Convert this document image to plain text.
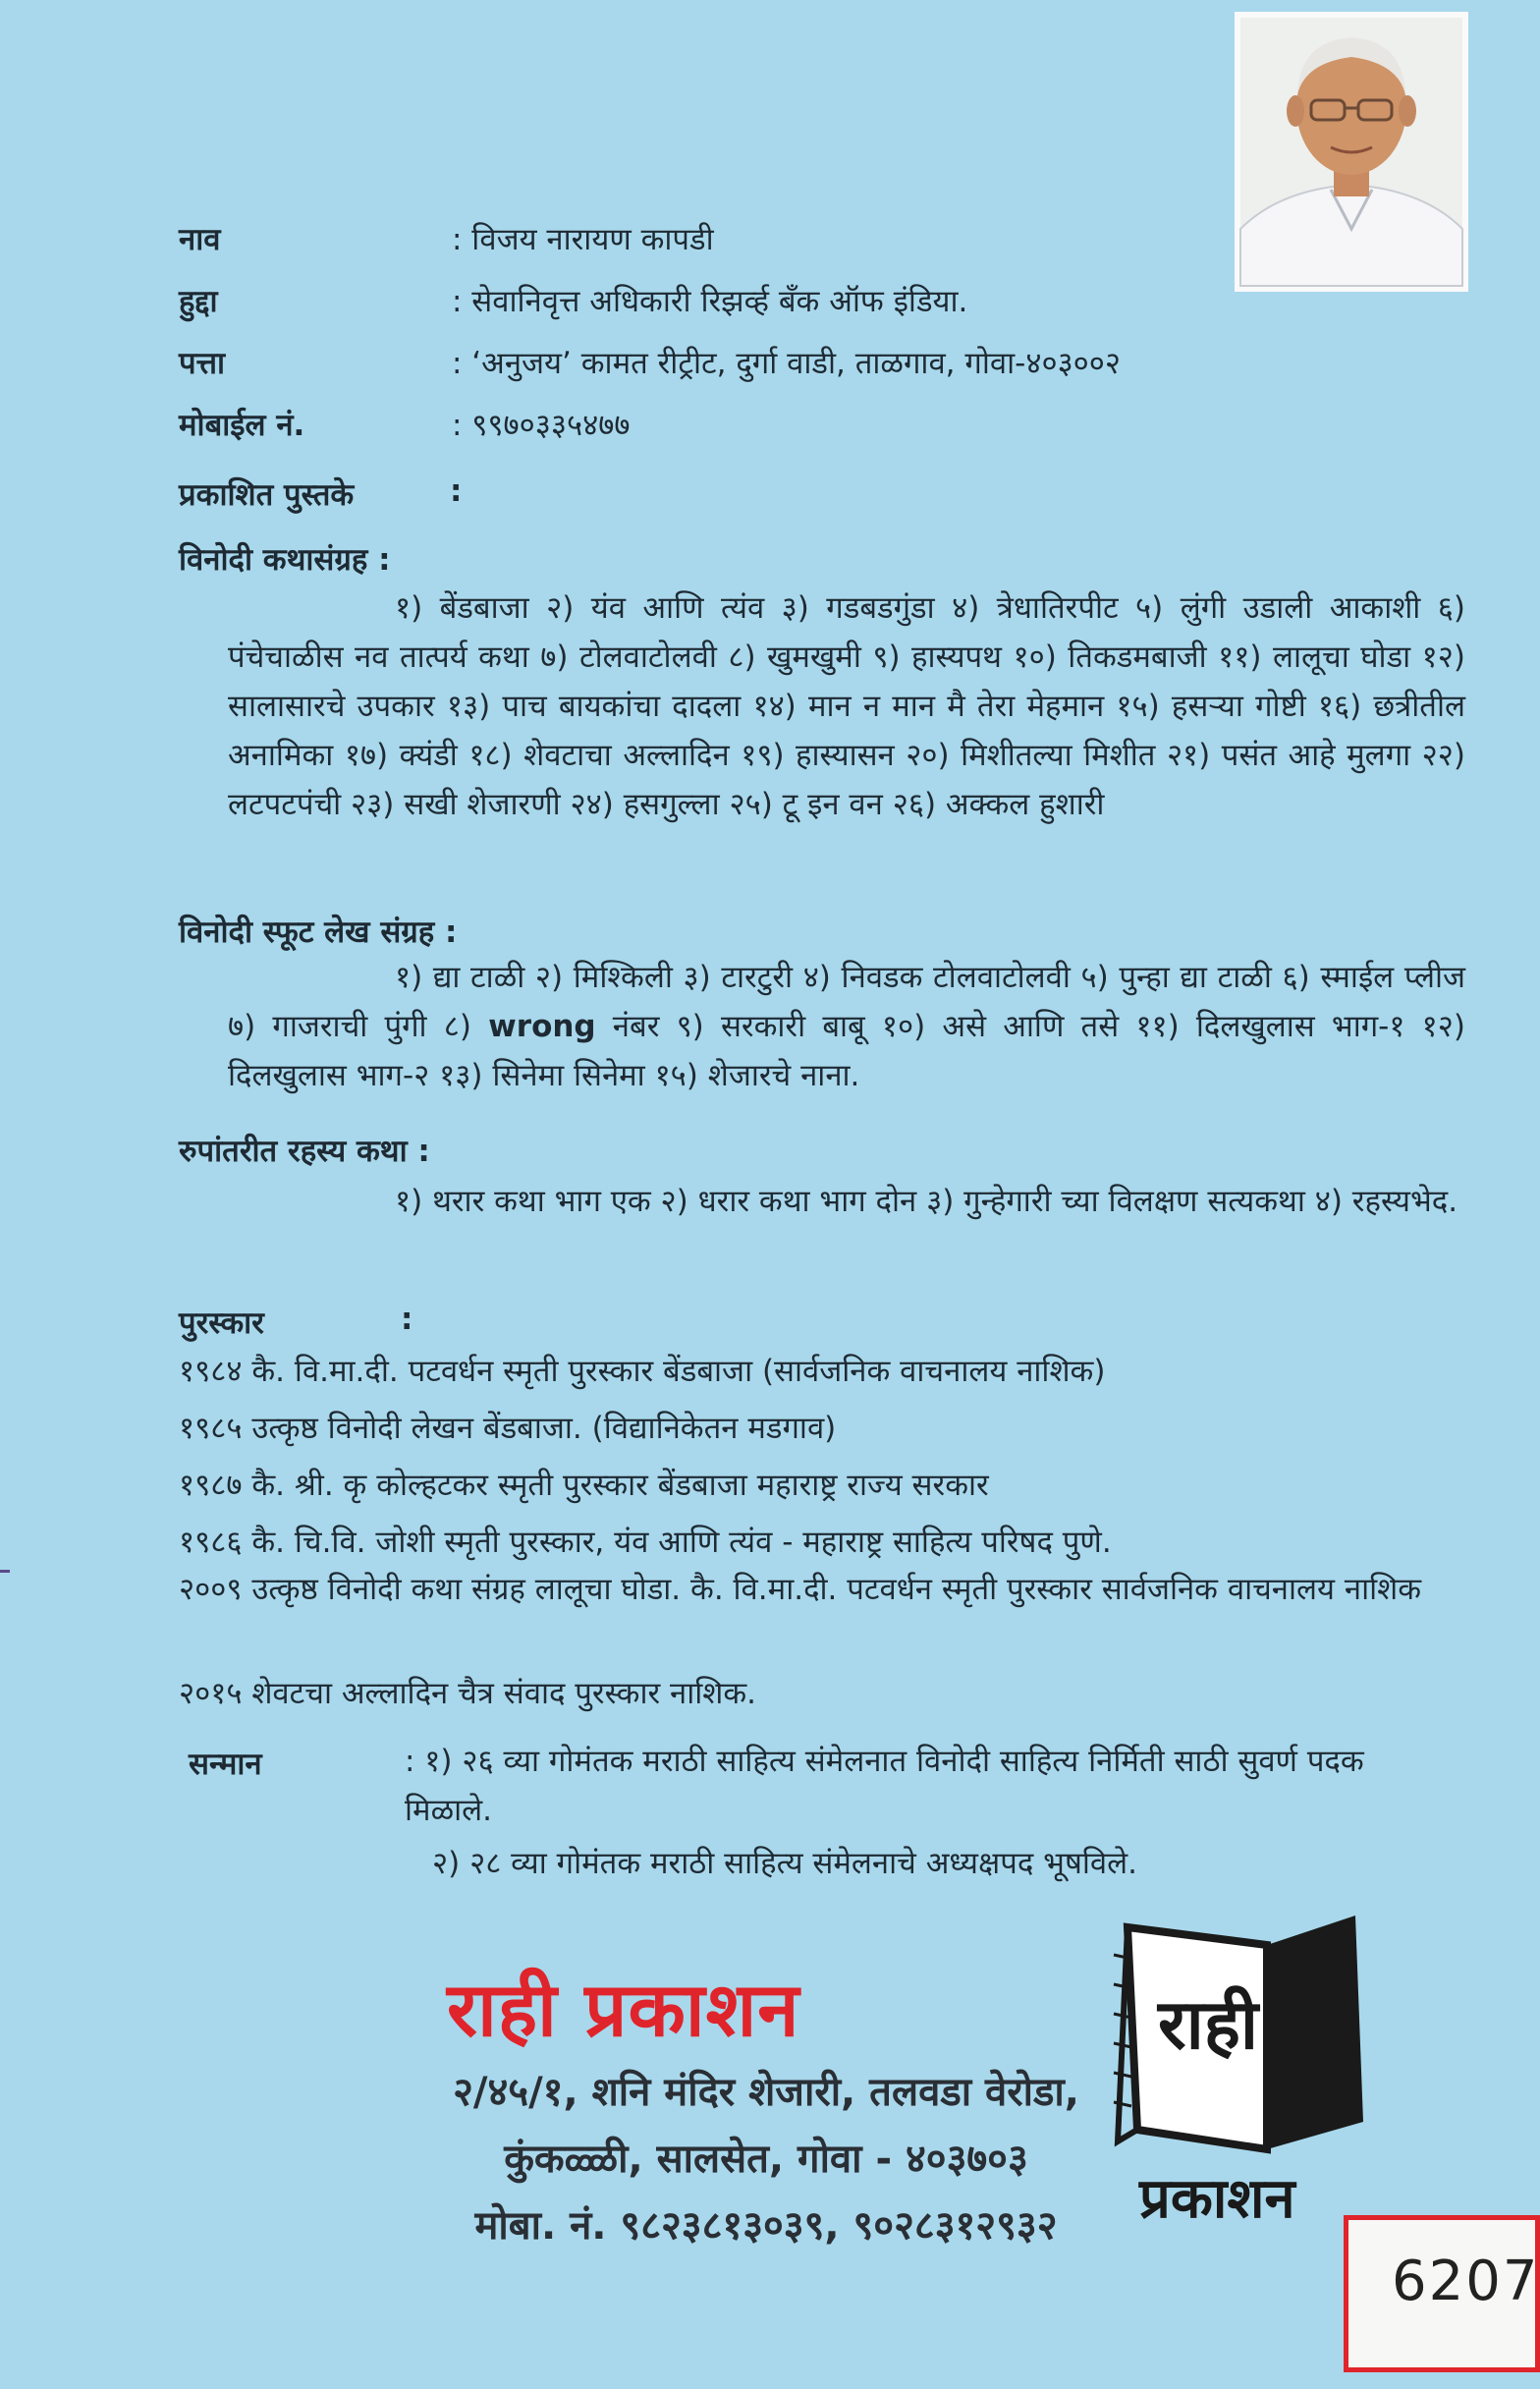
नाव	: विजय नारायण कापडी
हुद्दा	: सेवानिवृत्त अधिकारी रिझर्व्ह बँक ऑफ इंडिया.
पत्ता	: ‘अनुजय’ कामत रीट्रीट, दुर्गा वाडी, ताळगाव, गोवा-४०३००२
मोबाईल नं.	: ९९७०३३५४७७
प्रकाशित पुस्तके	:
विनोदी कथासंग्रह :
१) बेंडबाजा २) यंव आणि त्यंव ३) गडबडगुंडा ४) त्रेधातिरपीट ५) लुंगी उडाली आकाशी ६) पंचेचाळीस नव तात्पर्य कथा ७) टोलवाटोलवी ८) खुमखुमी ९) हास्यपथ १०) तिकडमबाजी ११) लालूचा घोडा १२) सालासारचे उपकार १३) पाच बायकांचा दादला १४) मान न मान मै तेरा मेहमान १५) हसऱ्या गोष्टी १६) छत्रीतील अनामिका १७) क्यंडी १८) शेवटाचा अल्लादिन १९) हास्यासन २०) मिशीतल्या मिशीत २१) पसंत आहे मुलगा २२) लटपटपंची २३) सखी शेजारणी २४) हसगुल्ला २५) टू इन वन २६) अक्कल हुशारी
विनोदी स्फूट लेख संग्रह :
१) द्या टाळी २) मिश्किली ३) टारटुरी ४) निवडक टोलवाटोलवी ५) पुन्हा द्या टाळी ६) स्माईल प्लीज ७) गाजराची पुंगी ८) wrong नंबर ९) सरकारी बाबू १०) असे आणि तसे ११) दिलखुलास भाग-१ १२) दिलखुलास भाग-२ १३) सिनेमा सिनेमा १५) शेजारचे नाना.
रुपांतरीत रहस्य कथा :
१) थरार कथा भाग एक २) धरार कथा भाग दोन ३) गुन्हेगारी च्या विलक्षण सत्यकथा ४) रहस्यभेद.
पुरस्कार	:
१९८४ कै. वि.मा.दी. पटवर्धन स्मृती पुरस्कार बेंडबाजा (सार्वजनिक वाचनालय नाशिक)
१९८५ उत्कृष्ठ विनोदी लेखन बेंडबाजा. (विद्यानिकेतन मडगाव)
१९८७ कै. श्री. कृ कोल्हटकर स्मृती पुरस्कार बेंडबाजा महाराष्ट्र राज्य सरकार
१९८६ कै. चि.वि. जोशी स्मृती पुरस्कार, यंव आणि त्यंव - महाराष्ट्र साहित्य परिषद पुणे.
२००९ उत्कृष्ठ विनोदी कथा संग्रह लालूचा घोडा. कै. वि.मा.दी. पटवर्धन स्मृती पुरस्कार सार्वजनिक वाचनालय नाशिक
२०१५ शेवटचा अल्लादिन चैत्र संवाद पुरस्कार नाशिक.
सन्मान	: १) २६ व्या गोमंतक मराठी साहित्य संमेलनात विनोदी साहित्य निर्मिती साठी सुवर्ण पदक मिळाले.
२) २८ व्या गोमंतक मराठी साहित्य संमेलनाचे अध्यक्षपद भूषविले.
राही प्रकाशन
२/४५/१, शनि मंदिर शेजारी, तलवडा वेरोडा,
कुंकळ्ळी, सालसेत, गोवा - ४०३७०३
मोबा. नं. ९८२३८१३०३९, ९०२८३१२९३२
राही
प्रकाशन
6207
